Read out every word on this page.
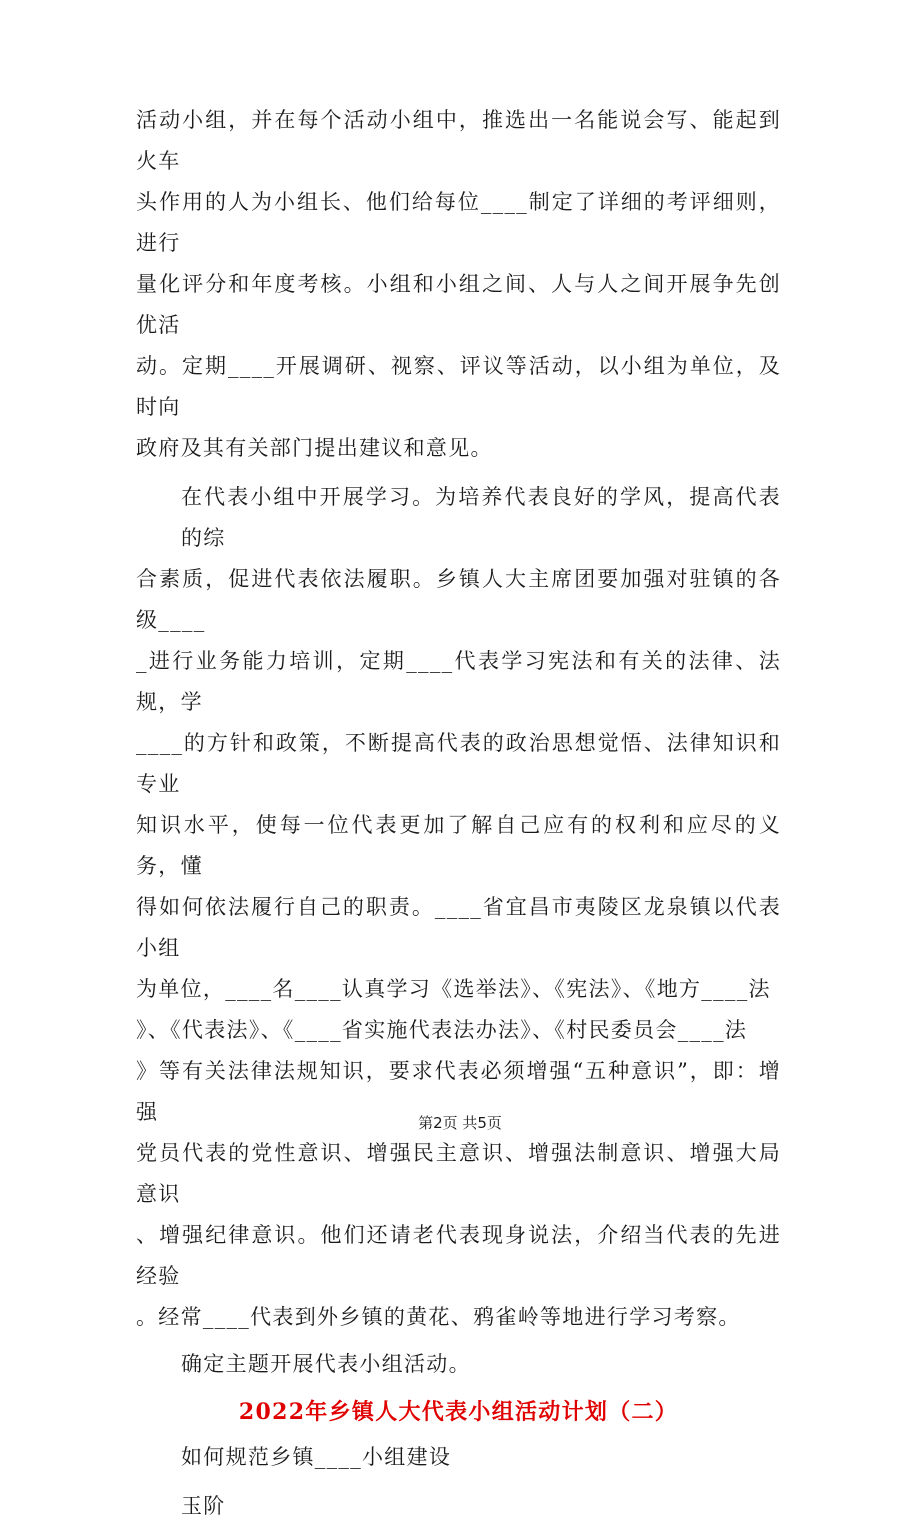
活动小组，并在每个活动小组中，推选出一名能说会写、能起到火车
头作用的人为小组长、他们给每位____制定了详细的考评细则，进行
量化评分和年度考核。小组和小组之间、人与人之间开展争先创优活
动。定期____开展调研、视察、评议等活动，以小组为单位，及时向
政府及其有关部门提出建议和意见。

在代表小组中开展学习。为培养代表良好的学风，提高代表的综
合素质，促进代表依法履职。乡镇人大主席团要加强对驻镇的各级____
_进行业务能力培训，定期____代表学习宪法和有关的法律、法规，学
____的方针和政策，不断提高代表的政治思想觉悟、法律知识和专业
知识水平，使每一位代表更加了解自己应有的权利和应尽的义务，懂
得如何依法履行自己的职责。____省宜昌市夷陵区龙泉镇以代表小组
为单位，____名____认真学习《选举法》、《宪法》、《地方____法
》、《代表法》、《____省实施代表法办法》、《村民委员会____法
》等有关法律法规知识，要求代表必须增强“五种意识”，即：增强
党员代表的党性意识、增强民主意识、增强法制意识、增强大局意识
、增强纪律意识。他们还请老代表现身说法，介绍当代表的先进经验
。经常____代表到外乡镇的黄花、鸦雀岭等地进行学习考察。

确定主题开展代表小组活动。

2022年乡镇人大代表小组活动计划（二）

如何规范乡镇____小组建设

玉阶

第2页 共5页
